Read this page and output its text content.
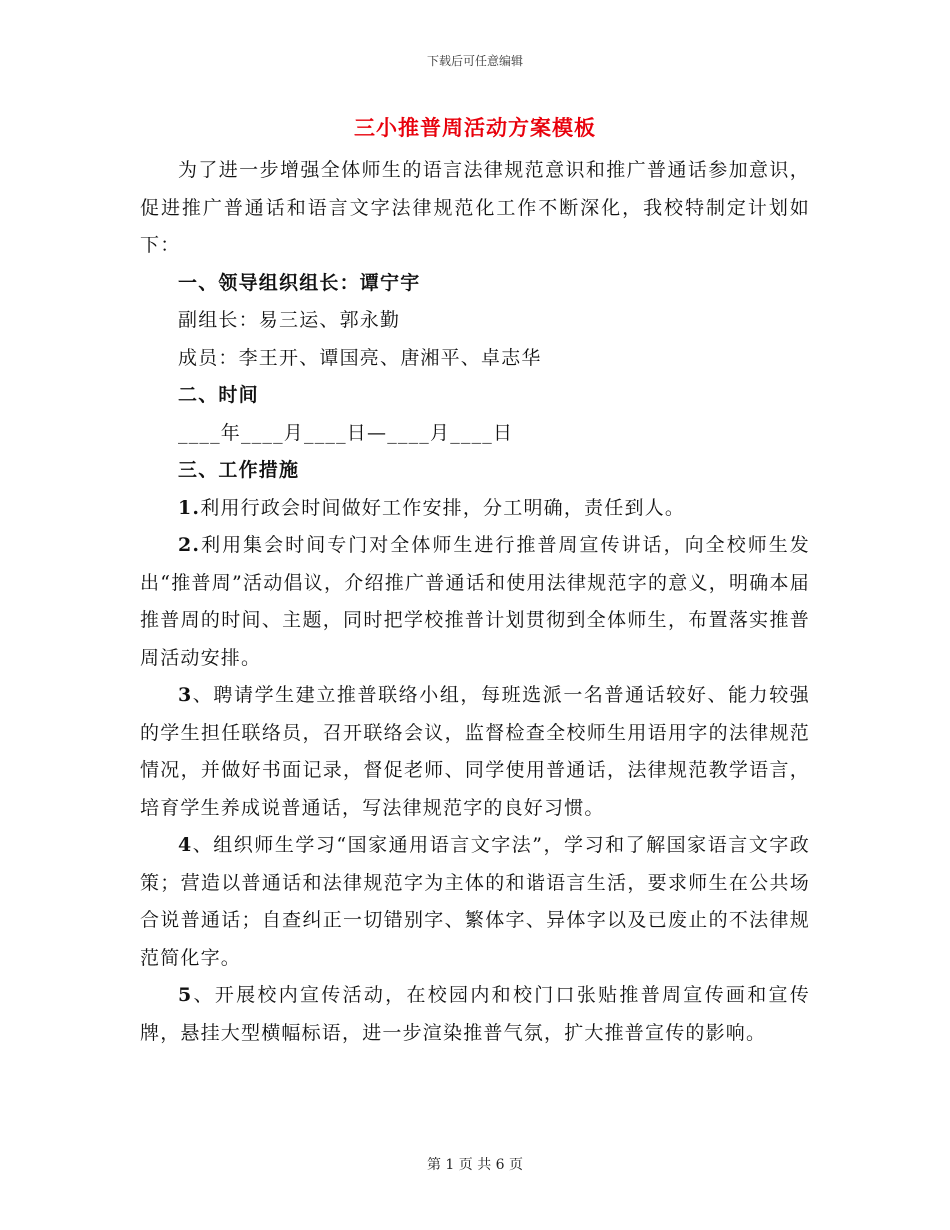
下载后可任意编辑
三小推普周活动方案模板

为了进一步增强全体师生的语言法律规范意识和推广普通话参加意识，促进推广普通话和语言文字法律规范化工作不断深化，我校特制定计划如下：

一、领导组织组长：谭宁宇

副组长：易三运、郭永勤

成员：李王开、谭国亮、唐湘平、卓志华

二、时间

____年____月____日—____月____日

三、工作措施

1.利用行政会时间做好工作安排，分工明确，责任到人。

2.利用集会时间专门对全体师生进行推普周宣传讲话，向全校师生发出“推普周”活动倡议，介绍推广普通话和使用法律规范字的意义，明确本届推普周的时间、主题，同时把学校推普计划贯彻到全体师生，布置落实推普周活动安排。

3、聘请学生建立推普联络小组，每班选派一名普通话较好、能力较强的学生担任联络员，召开联络会议，监督检查全校师生用语用字的法律规范情况，并做好书面记录，督促老师、同学使用普通话，法律规范教学语言，培育学生养成说普通话，写法律规范字的良好习惯。

4、组织师生学习“国家通用语言文字法”，学习和了解国家语言文字政策；营造以普通话和法律规范字为主体的和谐语言生活，要求师生在公共场合说普通话；自查纠正一切错别字、繁体字、异体字以及已废止的不法律规范简化字。

5、开展校内宣传活动，在校园内和校门口张贴推普周宣传画和宣传牌，悬挂大型横幅标语，进一步渲染推普气氛，扩大推普宣传的影响。

第 1 页 共 6 页
